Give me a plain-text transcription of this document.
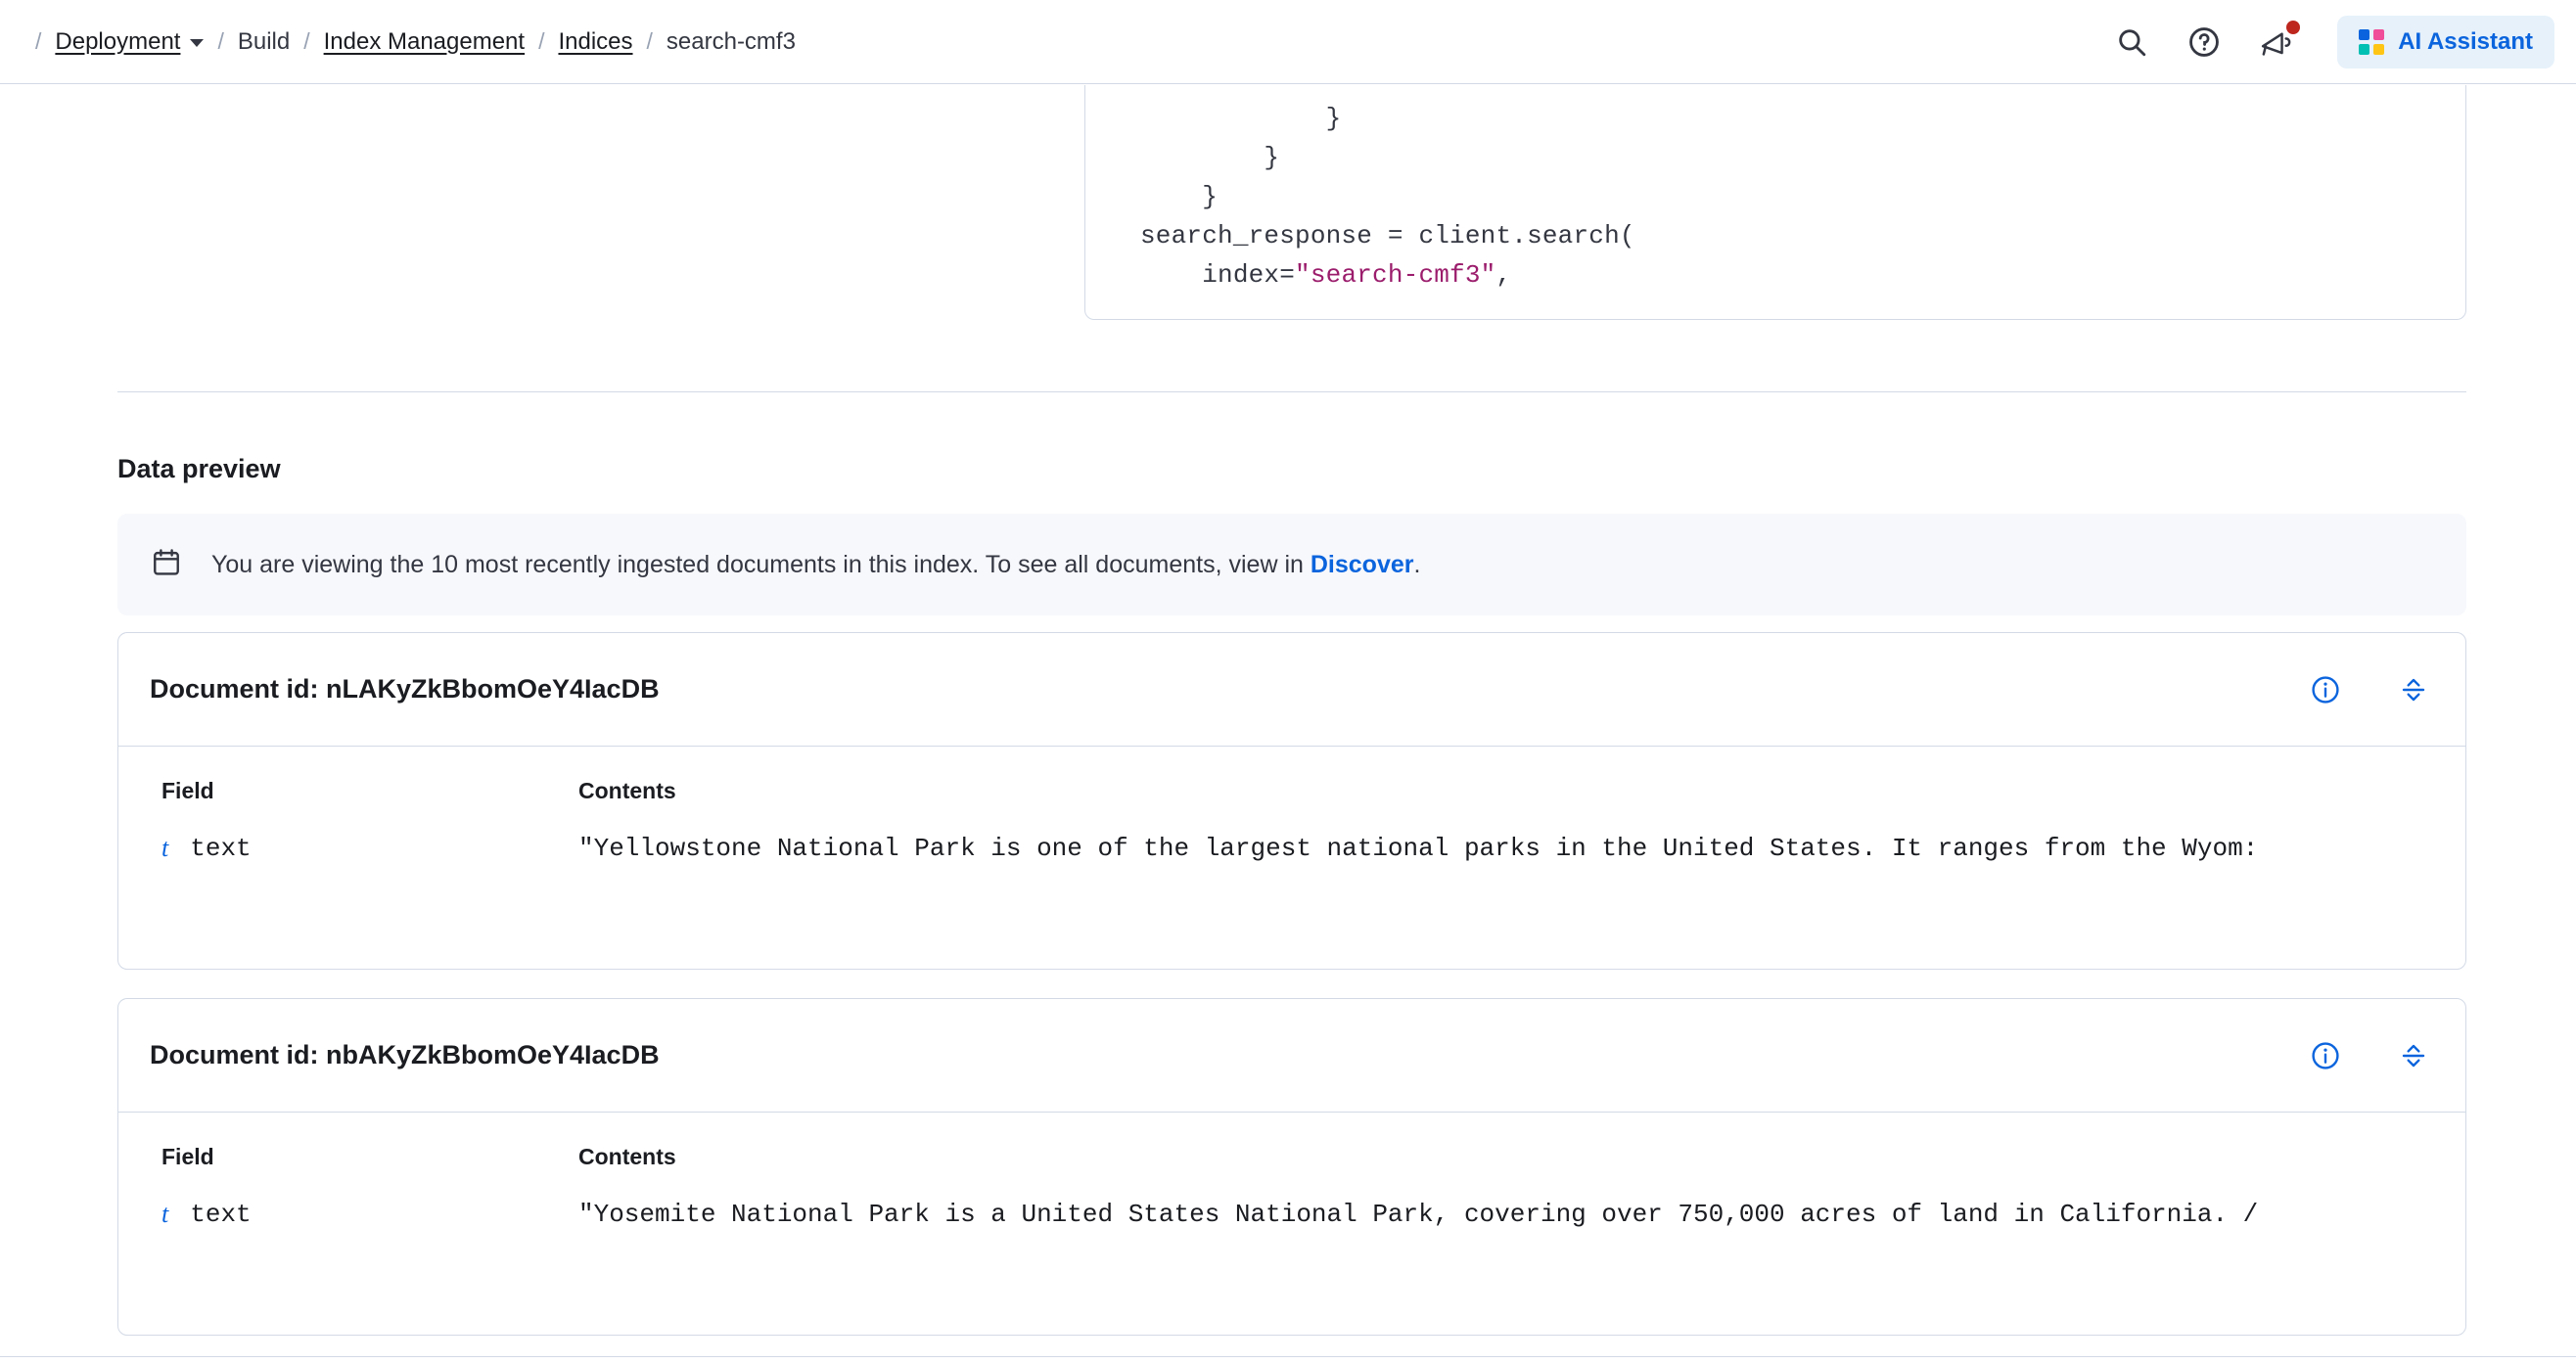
/ Deployment / Build / Index Management / Indices / search-cmf3	AI Assistant
}
}
}
search_response = client.search(
index="search-cmf3",
Data preview
You are viewing the 10 most recently ingested documents in this index. To see all documents, view in Discover.
Document id: nLAKyZkBbomOeY4IacDB
Field	Contents
t text	"Yellowstone National Park is one of the largest national parks in the United States. It ranges from the Wyom:
Document id: nbAKyZkBbomOeY4IacDB
Field	Contents
t text	"Yosemite National Park is a United States National Park, covering over 750,000 acres of land in California. /
